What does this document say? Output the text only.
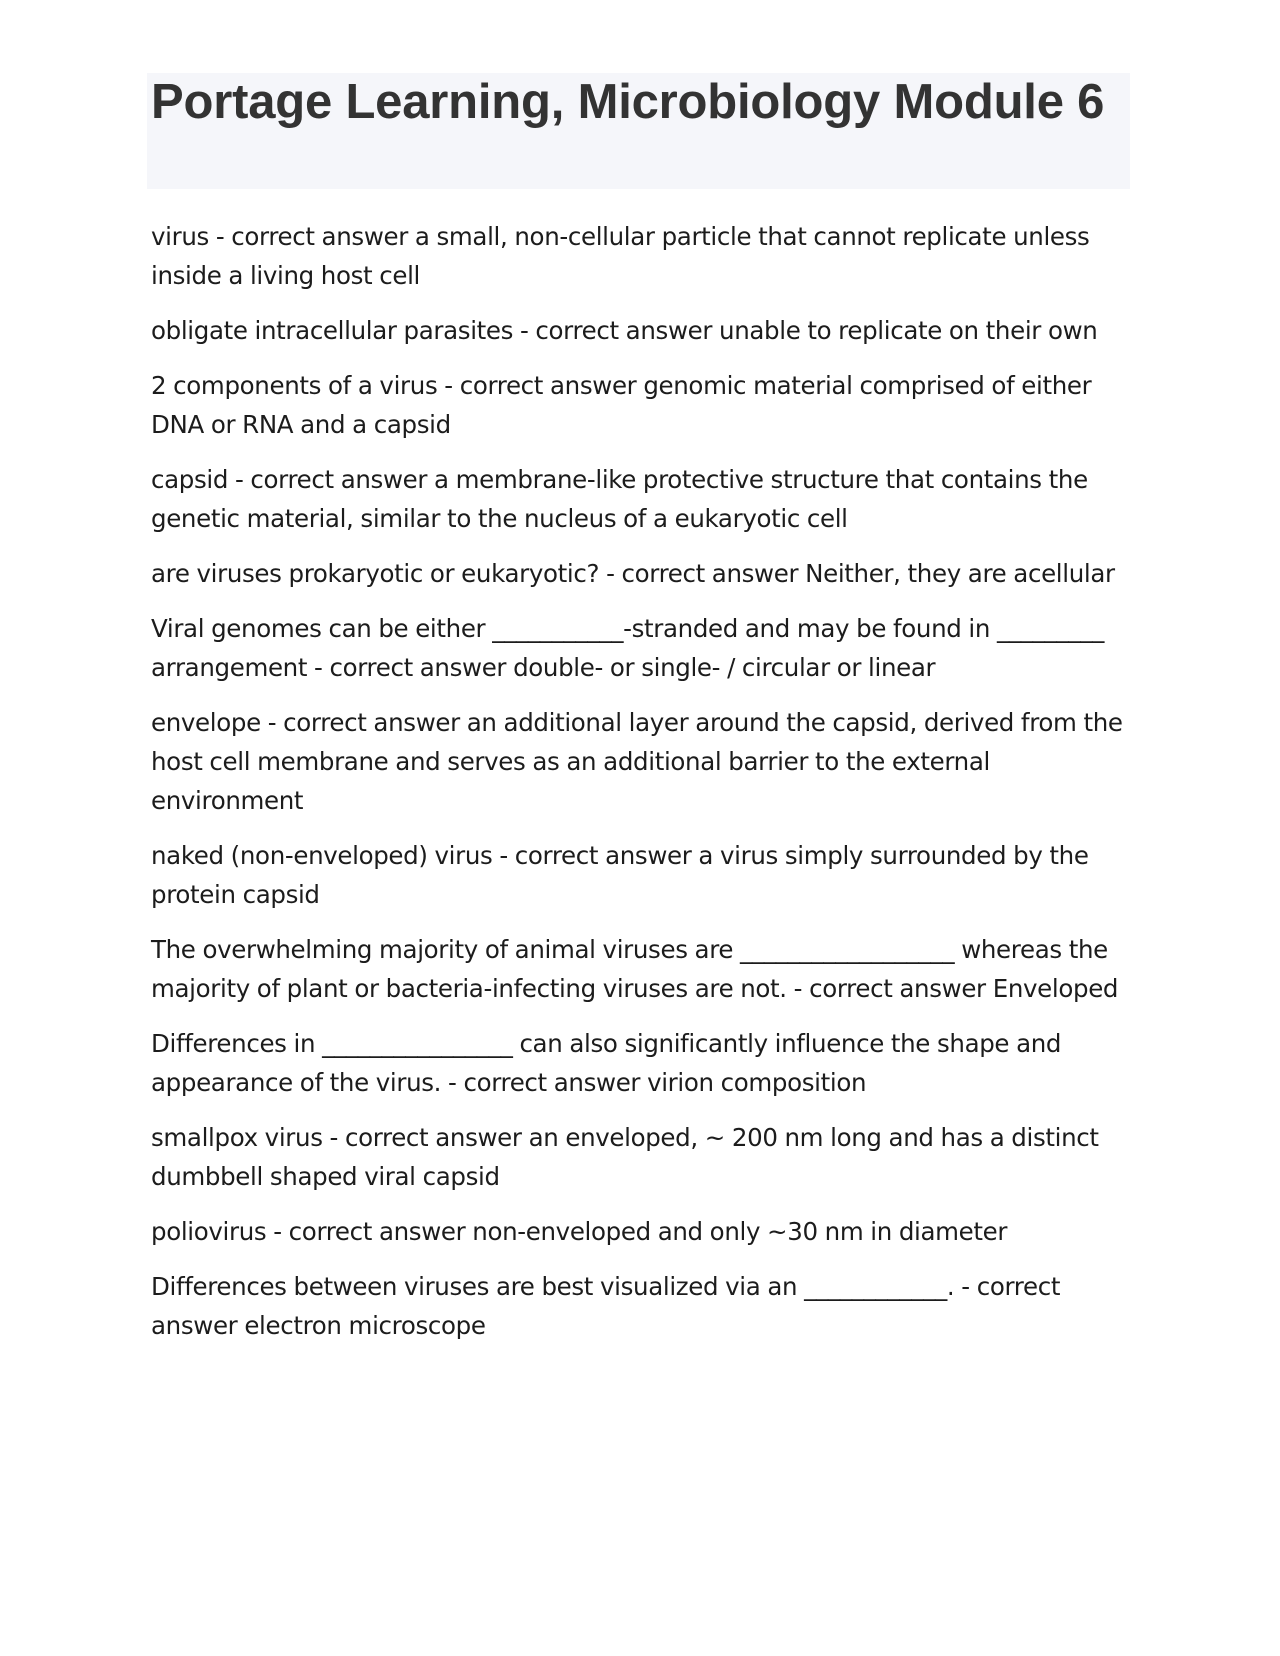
Portage Learning, Microbiology Module 6

virus - correct answer a small, non-cellular particle that cannot replicate unless inside a living host cell

obligate intracellular parasites - correct answer unable to replicate on their own

2 components of a virus - correct answer genomic material comprised of either DNA or RNA and a capsid

capsid - correct answer a membrane-like protective structure that contains the genetic material, similar to the nucleus of a eukaryotic cell

are viruses prokaryotic or eukaryotic? - correct answer Neither, they are acellular

Viral genomes can be either ___________-stranded and may be found in _________ arrangement - correct answer double- or single- / circular or linear

envelope - correct answer an additional layer around the capsid, derived from the host cell membrane and serves as an additional barrier to the external environment

naked (non-enveloped) virus - correct answer a virus simply surrounded by the protein capsid

The overwhelming majority of animal viruses are __________________ whereas the majority of plant or bacteria-infecting viruses are not. - correct answer Enveloped

Differences in ________________ can also significantly influence the shape and appearance of the virus. - correct answer virion composition

smallpox virus - correct answer an enveloped, ~ 200 nm long and has a distinct dumbbell shaped viral capsid

poliovirus - correct answer non-enveloped and only ~30 nm in diameter

Differences between viruses are best visualized via an ____________. - correct answer electron microscope
